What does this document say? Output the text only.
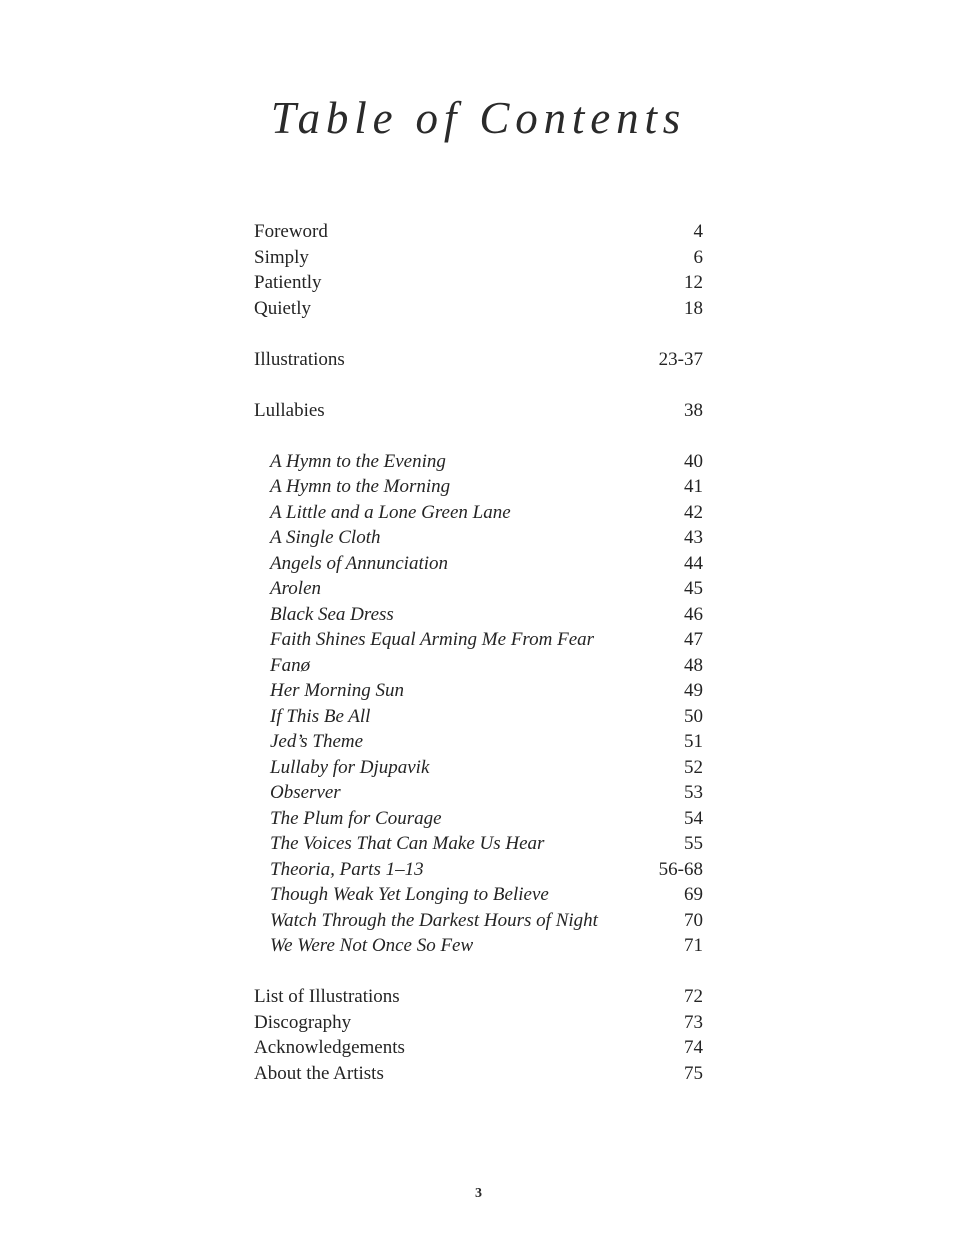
Table of Contents
Foreword	4
Simply	6
Patiently	12
Quietly	18
Illustrations	23-37
Lullabies	38
A Hymn to the Evening	40
A Hymn to the Morning	41
A Little and a Lone Green Lane	42
A Single Cloth	43
Angels of Annunciation	44
Arolen	45
Black Sea Dress	46
Faith Shines Equal Arming Me From Fear	47
Fanø	48
Her Morning Sun	49
If This Be All	50
Jed’s Theme	51
Lullaby for Djupavik	52
Observer	53
The Plum for Courage	54
The Voices That Can Make Us Hear	55
Theoria, Parts 1–13	56-68
Though Weak Yet Longing to Believe	69
Watch Through the Darkest Hours of Night	70
We Were Not Once So Few	71
List of Illustrations	72
Discography	73
Acknowledgements	74
About the Artists	75
3
